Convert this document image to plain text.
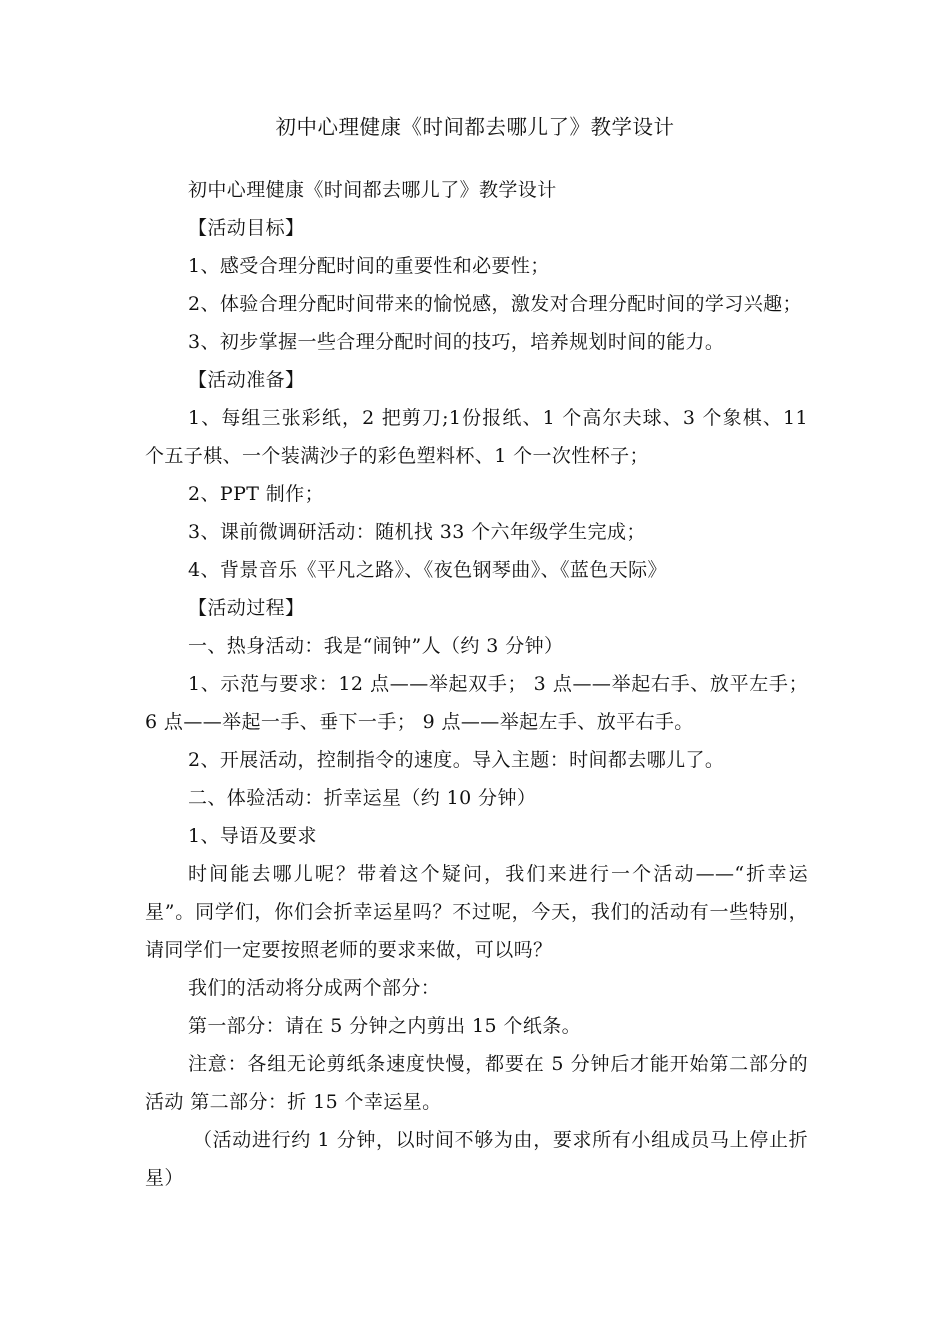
初中心理健康《时间都去哪儿了》教学设计

初中心理健康《时间都去哪儿了》教学设计

【活动目标】

1、感受合理分配时间的重要性和必要性；

2、体验合理分配时间带来的愉悦感，激发对合理分配时间的学习兴趣；

3、初步掌握一些合理分配时间的技巧，培养规划时间的能力。

【活动准备】

1、每组三张彩纸，2 把剪刀;1份报纸、1 个高尔夫球、3 个象棋、11 个五子棋、一个装满沙子的彩色塑料杯、1 个一次性杯子；

2、PPT 制作；

3、课前微调研活动：随机找 33 个六年级学生完成；

4、背景音乐《平凡之路》、《夜色钢琴曲》、《蓝色天际》

【活动过程】

一、热身活动：我是“闹钟”人（约 3 分钟）

1、示范与要求：12 点——举起双手； 3 点——举起右手、放平左手；6 点——举起一手、垂下一手； 9 点——举起左手、放平右手。

2、开展活动，控制指令的速度。导入主题：时间都去哪儿了。

二、体验活动：折幸运星（约 10 分钟）

1、导语及要求

时间能去哪儿呢？带着这个疑问，我们来进行一个活动——“折幸运星”。同学们，你们会折幸运星吗？不过呢，今天，我们的活动有一些特别，请同学们一定要按照老师的要求来做，可以吗？

我们的活动将分成两个部分：

第一部分：请在 5 分钟之内剪出 15 个纸条。

注意：各组无论剪纸条速度快慢，都要在 5 分钟后才能开始第二部分的活动 第二部分：折 15 个幸运星。

（活动进行约 1 分钟，以时间不够为由，要求所有小组成员马上停止折星）
